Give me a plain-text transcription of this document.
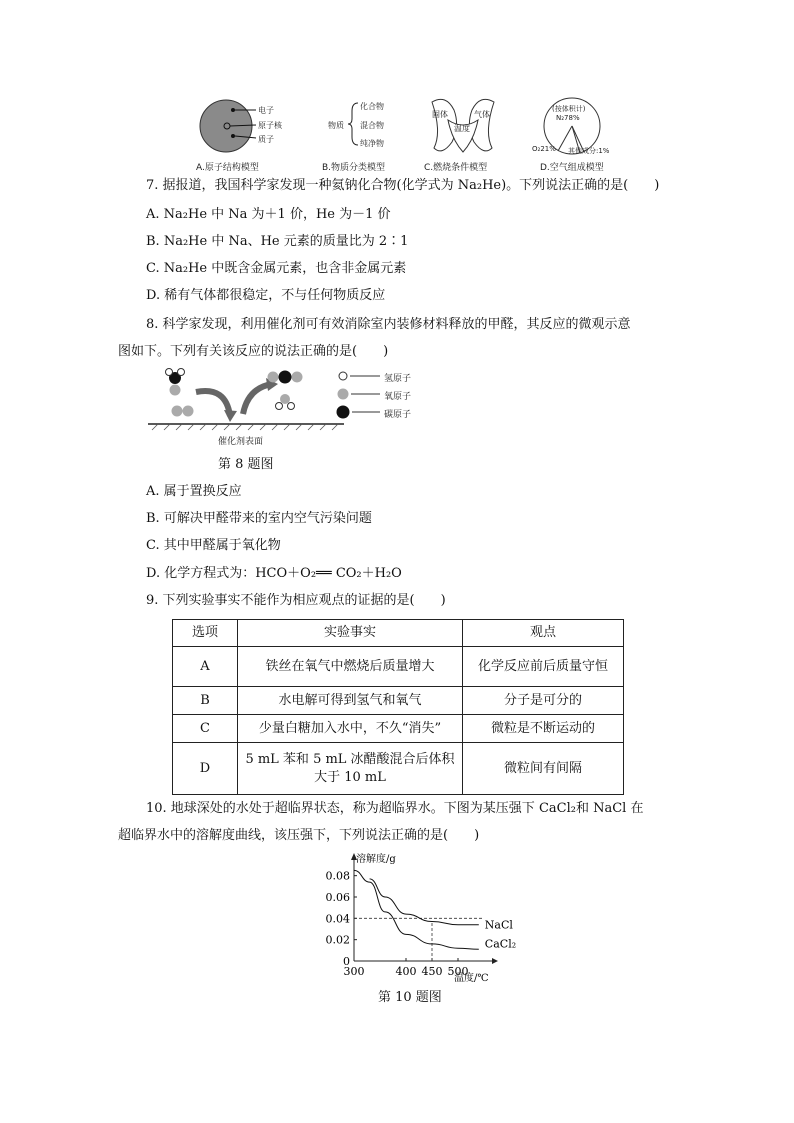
电子
原子核
质子
A.原子结构模型
物质
化合物
混合物
纯净物
B.物质分类模型
固体	气体
温度
C.燃烧条件模型
(按体积计)
N₂78%
O₂21% 其他成分:1%
D.空气组成模型
7. 据报道，我国科学家发现一种氦钠化合物(化学式为 Na₂He)。下列说法正确的是(　　)
A. Na₂He 中 Na 为＋1 价，He 为－1 价
B. Na₂He 中 Na、He 元素的质量比为 2∶1
C. Na₂He 中既含金属元素，也含非金属元素
D. 稀有气体都很稳定，不与任何物质反应
8. 科学家发现，利用催化剂可有效消除室内装修材料释放的甲醛，其反应的微观示意
图如下。下列有关该反应的说法正确的是(　　)
催化剂表面
氢原子
氧原子
碳原子
第 8 题图
A. 属于置换反应
B. 可解决甲醛带来的室内空气污染问题
C. 其中甲醛属于氧化物
D. 化学方程式为：HCO＋O₂══ CO₂＋H₂O
9. 下列实验事实不能作为相应观点的证据的是(　　)
选项	实验事实	观点
A	铁丝在氧气中燃烧后质量增大	化学反应前后质量守恒
B	水电解可得到氢气和氧气	分子是可分的
C	少量白糖加入水中，不久“消失”	微粒是不断运动的
D	5 mL 苯和 5 mL 冰醋酸混合后体积
大于 10 mL	微粒间有间隔
10. 地球深处的水处于超临界状态，称为超临界水。下图为某压强下 CaCl₂和 NaCl 在
超临界水中的溶解度曲线，该压强下，下列说法正确的是(　　)
溶解度/g
温度/℃
0
0.02
0.04
0.06
0.08
300	400 450 500
NaCl
CaCl₂
第 10 题图
